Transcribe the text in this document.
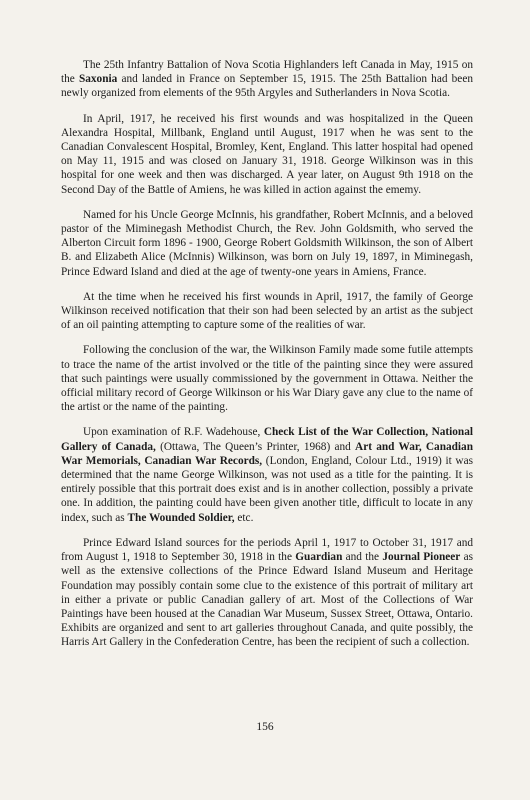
The 25th Infantry Battalion of Nova Scotia Highlanders left Canada in May, 1915 on the Saxonia and landed in France on September 15, 1915. The 25th Battalion had been newly organized from elements of the 95th Argyles and Sutherlanders in Nova Scotia.

In April, 1917, he received his first wounds and was hospitalized in the Queen Alexandra Hospital, Millbank, England until August, 1917 when he was sent to the Canadian Convalescent Hospital, Bromley, Kent, England. This latter hospital had opened on May 11, 1915 and was closed on January 31, 1918. George Wilkinson was in this hospital for one week and then was discharged. A year later, on August 9th 1918 on the Second Day of the Battle of Amiens, he was killed in action against the ememy.

Named for his Uncle George McInnis, his grandfather, Robert McInnis, and a beloved pastor of the Miminegash Methodist Church, the Rev. John Goldsmith, who served the Alberton Circuit form 1896 - 1900, George Robert Goldsmith Wilkinson, the son of Albert B. and Elizabeth Alice (McInnis) Wilkinson, was born on July 19, 1897, in Miminegash, Prince Edward Island and died at the age of twenty-one years in Amiens, France.

At the time when he received his first wounds in April, 1917, the family of George Wilkinson received notification that their son had been selected by an artist as the subject of an oil painting attempting to capture some of the realities of war.

Following the conclusion of the war, the Wilkinson Family made some futile attempts to trace the name of the artist involved or the title of the painting since they were assured that such paintings were usually commissioned by the government in Ottawa. Neither the official military record of George Wilkinson or his War Diary gave any clue to the name of the artist or the name of the painting.

Upon examination of R.F. Wadehouse, Check List of the War Collection, National Gallery of Canada, (Ottawa, The Queen’s Printer, 1968) and Art and War, Canadian War Memorials, Canadian War Records, (London, England, Colour Ltd., 1919) it was determined that the name George Wilkinson, was not used as a title for the painting. It is entirely possible that this portrait does exist and is in another collection, possibly a private one. In addition, the painting could have been given another title, difficult to locate in any index, such as The Wounded Soldier, etc.

Prince Edward Island sources for the periods April 1, 1917 to October 31, 1917 and from August 1, 1918 to September 30, 1918 in the Guardian and the Journal Pioneer as well as the extensive collections of the Prince Edward Island Museum and Heritage Foundation may possibly contain some clue to the existence of this portrait of military art in either a private or public Canadian gallery of art. Most of the Collections of War Paintings have been housed at the Canadian War Museum, Sussex Street, Ottawa, Ontario. Exhibits are organized and sent to art galleries throughout Canada, and quite possibly, the Harris Art Gallery in the Confederation Centre, has been the recipient of such a collection.

156
